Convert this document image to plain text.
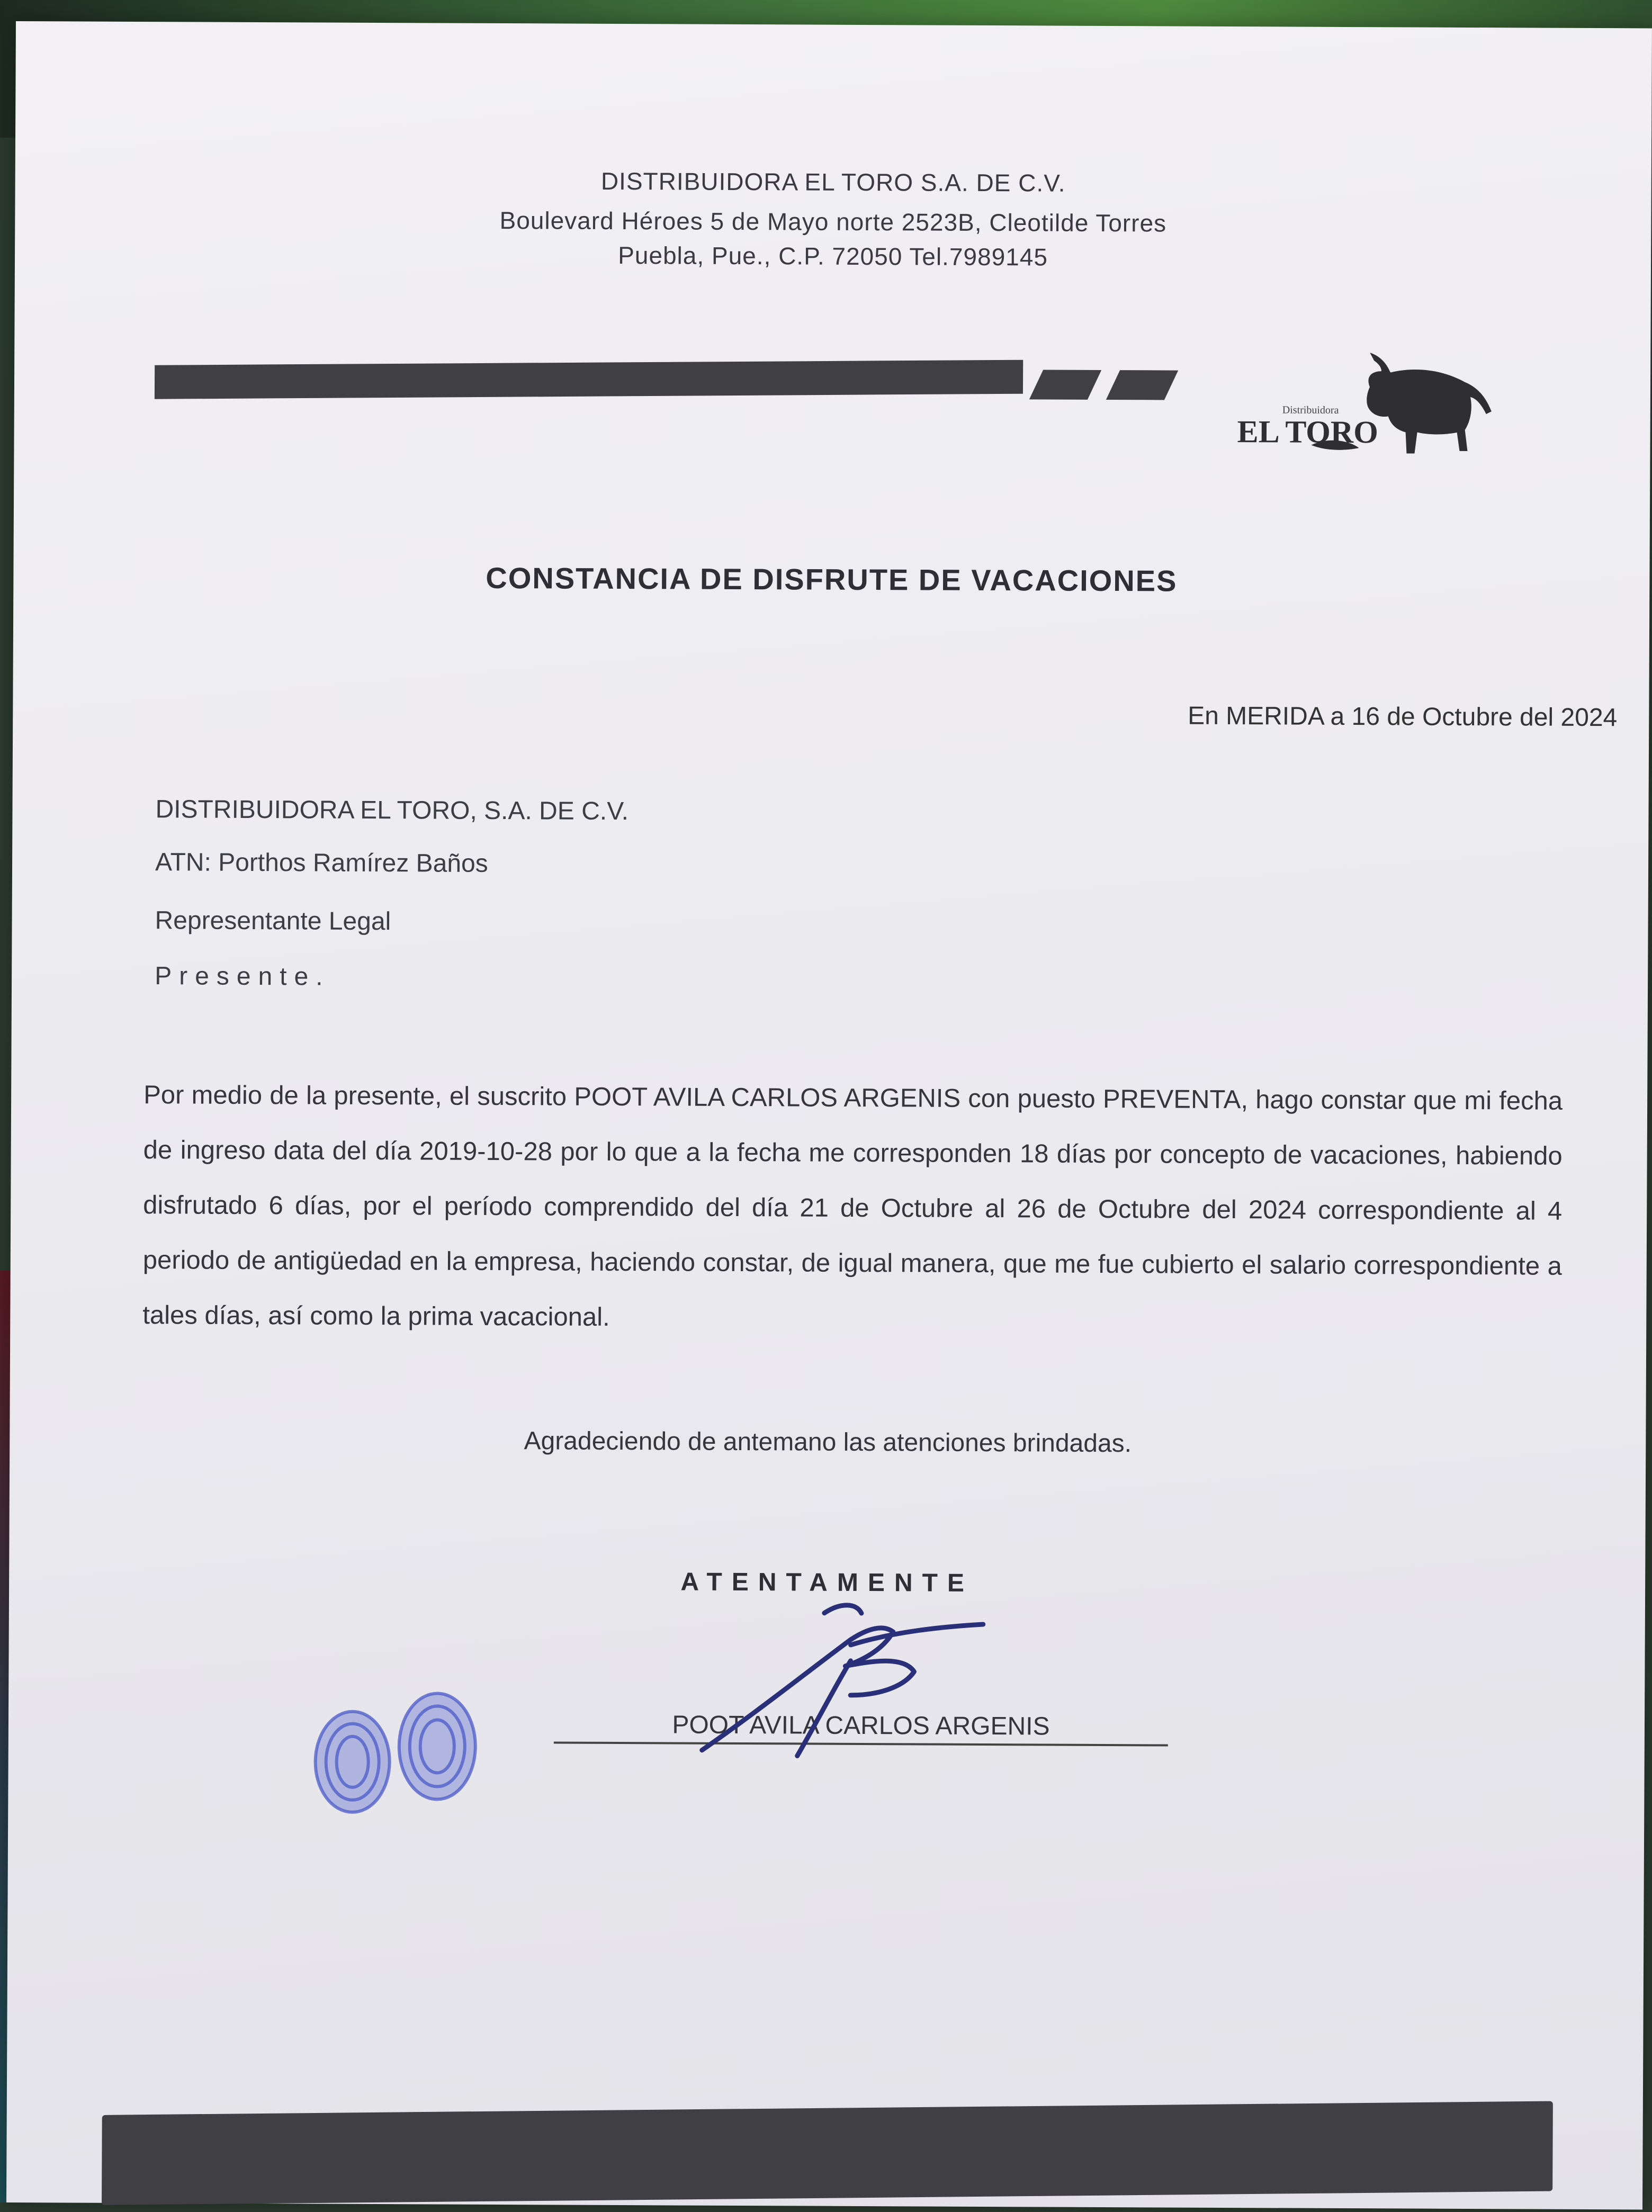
DISTRIBUIDORA EL TORO S.A. DE C.V.
Boulevard Héroes 5 de Mayo norte 2523B, Cleotilde Torres
Puebla, Pue., C.P. 72050 Tel.7989145
Distribuidora
EL TORO
CONSTANCIA DE DISFRUTE DE VACACIONES
En MERIDA a 16 de Octubre del 2024
DISTRIBUIDORA EL TORO, S.A. DE C.V.
ATN: Porthos Ramírez Baños
Representante Legal
Presente.
Por medio de la presente, el suscrito POOT AVILA CARLOS ARGENIS con puesto PREVENTA, hago constar que mi fecha de ingreso data del día 2019-10-28 por lo que a la fecha me corresponden 18 días por concepto de vacaciones, habiendo disfrutado 6 días, por el período comprendido del día 21 de Octubre al 26 de Octubre del 2024 correspondiente al 4 periodo de antigüedad en la empresa, haciendo constar, de igual manera, que me fue cubierto el salario correspondiente a tales días, así como la prima vacacional.
Agradeciendo de antemano las atenciones brindadas.
ATENTAMENTE
POOT AVILA CARLOS ARGENIS
